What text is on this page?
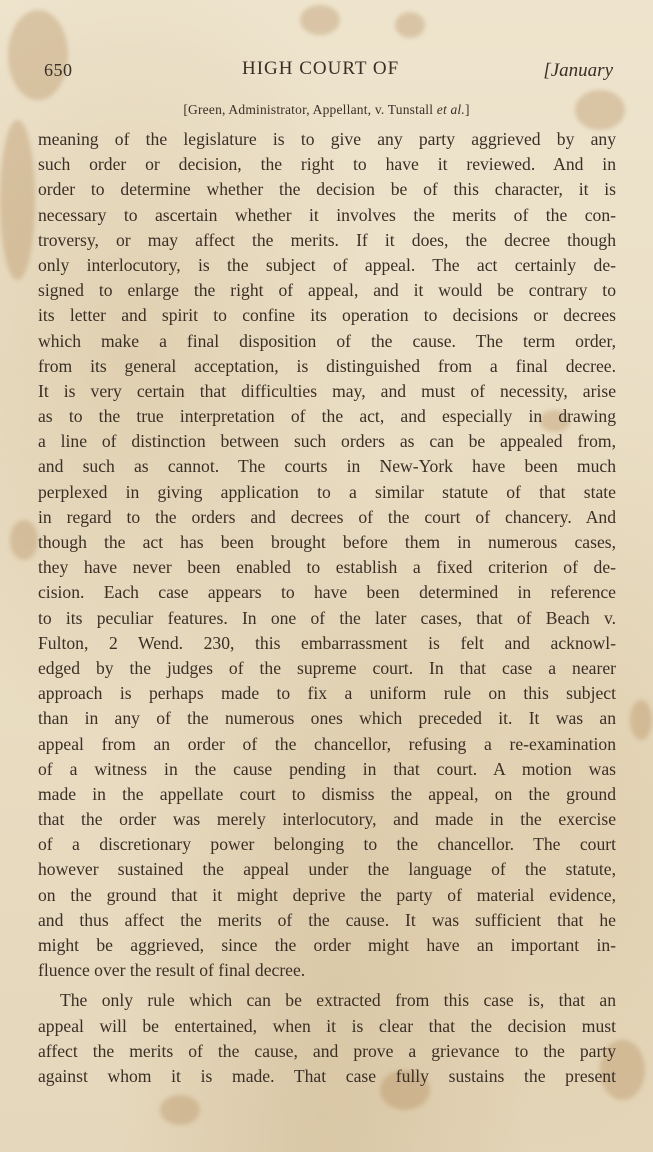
650	HIGH COURT OF	[January
[Green, Administrator, Appellant, v. Tunstall et al.]
meaning of the legislature is to give any party aggrieved by any
such order or decision, the right to have it reviewed. And in
order to determine whether the decision be of this character, it is
necessary to ascertain whether it involves the merits of the con-
troversy, or may affect the merits. If it does, the decree though
only interlocutory, is the subject of appeal. The act certainly de-
signed to enlarge the right of appeal, and it would be contrary to
its letter and spirit to confine its operation to decisions or decrees
which make a final disposition of the cause. The term order,
from its general acceptation, is distinguished from a final decree.
It is very certain that difficulties may, and must of necessity, arise
as to the true interpretation of the act, and especially in drawing
a line of distinction between such orders as can be appealed from,
and such as cannot. The courts in New-York have been much
perplexed in giving application to a similar statute of that state
in regard to the orders and decrees of the court of chancery. And
though the act has been brought before them in numerous cases,
they have never been enabled to establish a fixed criterion of de-
cision. Each case appears to have been determined in reference
to its peculiar features. In one of the later cases, that of Beach v.
Fulton, 2 Wend. 230, this embarrassment is felt and acknowl-
edged by the judges of the supreme court. In that case a nearer
approach is perhaps made to fix a uniform rule on this subject
than in any of the numerous ones which preceded it. It was an
appeal from an order of the chancellor, refusing a re-examination
of a witness in the cause pending in that court. A motion was
made in the appellate court to dismiss the appeal, on the ground
that the order was merely interlocutory, and made in the exercise
of a discretionary power belonging to the chancellor. The court
however sustained the appeal under the language of the statute,
on the ground that it might deprive the party of material evidence,
and thus affect the merits of the cause. It was sufficient that he
might be aggrieved, since the order might have an important in-
fluence over the result of final decree.
The only rule which can be extracted from this case is, that an
appeal will be entertained, when it is clear that the decision must
affect the merits of the cause, and prove a grievance to the party
against whom it is made. That case fully sustains the present
